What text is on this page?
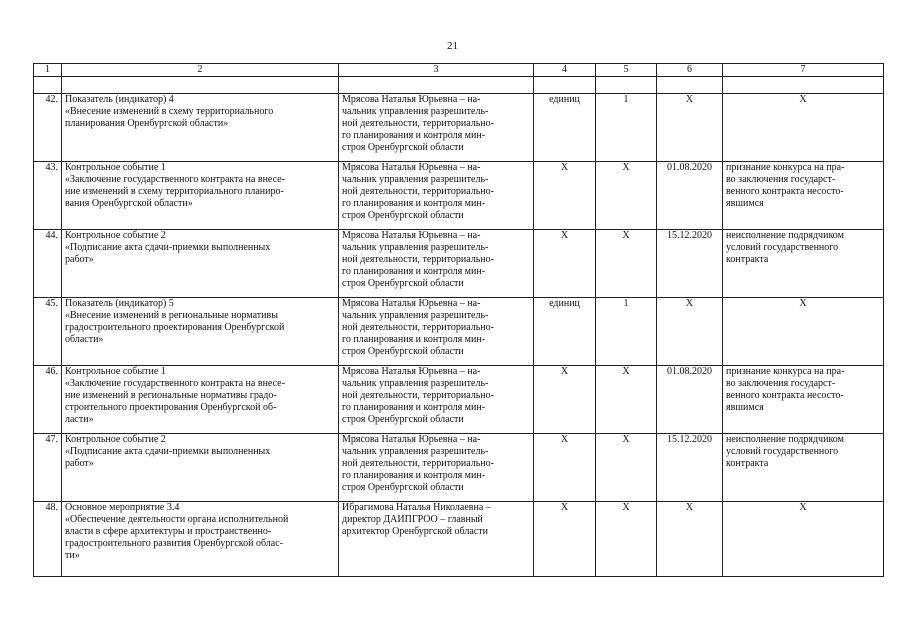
21
1	2	3	4	5	6	7

42.	Показатель (индикатор) 4
«Внесение изменений в схему территориального
планирования Оренбургской области»	Мрясова Наталья Юрьевна – на-
чальник управления разрешитель-
ной деятельности, территориально-
го планирования и контроля мин-
строя Оренбургской области	единиц	1	X	X

43.	Контрольное событие 1
«Заключение государственного контракта на внесе-
ние изменений в схему территориального планиро-
вания Оренбургской области»	Мрясова Наталья Юрьевна – на-
чальник управления разрешитель-
ной деятельности, территориально-
го планирования и контроля мин-
строя Оренбургской области	X	X	01.08.2020	признание конкурса на пра-
во заключения государст-
венного контракта несосто-
явшимся

44.	Контрольное событие 2
«Подписание акта сдачи-приемки выполненных
работ»	Мрясова Наталья Юрьевна – на-
чальник управления разрешитель-
ной деятельности, территориально-
го планирования и контроля мин-
строя Оренбургской области	X	X	15.12.2020	неисполнение подрядчиком
условий государственного
контракта

45.	Показатель (индикатор) 5
«Внесение изменений в региональные нормативы
градостроительного проектирования Оренбургской
области»	Мрясова Наталья Юрьевна – на-
чальник управления разрешитель-
ной деятельности, территориально-
го планирования и контроля мин-
строя Оренбургской области	единиц	1	X	X

46.	Контрольное событие 1
«Заключение государственного контракта на внесе-
ние изменений в региональные нормативы градо-
строительного проектирования Оренбургской об-
ласти»	Мрясова Наталья Юрьевна – на-
чальник управления разрешитель-
ной деятельности, территориально-
го планирования и контроля мин-
строя Оренбургской области	X	X	01.08.2020	признание конкурса на пра-
во заключения государст-
венного контракта несосто-
явшимся

47.	Контрольное событие 2
«Подписание акта сдачи-приемки выполненных
работ»	Мрясова Наталья Юрьевна – на-
чальник управления разрешитель-
ной деятельности, территориально-
го планирования и контроля мин-
строя Оренбургской области	X	X	15.12.2020	неисполнение подрядчиком
условий государственного
контракта

48.	Основное мероприятие 3.4
«Обеспечение деятельности органа исполнительной
власти в сфере архитектуры и пространственно-
градостроительного развития Оренбургской облас-
ти»	Ибрагимова Наталья Николаевна –
директор ДАИПГРОО – главный
архитектор Оренбургской области	X	X	X	X
